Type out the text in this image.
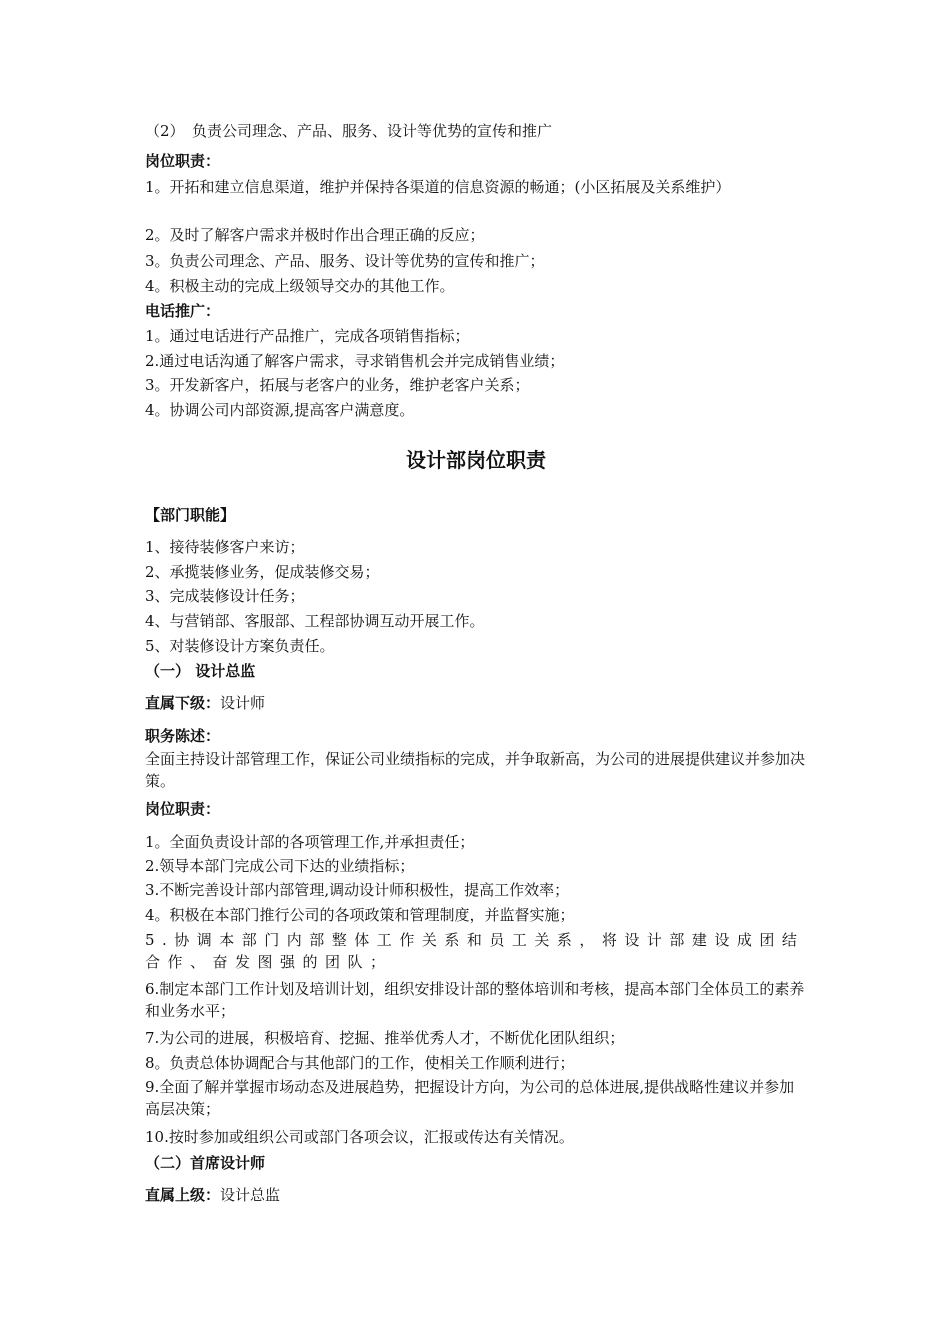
（2）　负责公司理念、产品、服务、设计等优势的宣传和推广
岗位职责：
1。开拓和建立信息渠道，维护并保持各渠道的信息资源的畅通；(小区拓展及关系维护）
2。及时了解客户需求并极时作出合理正确的反应；
3。负责公司理念、产品、服务、设计等优势的宣传和推广；
4。积极主动的完成上级领导交办的其他工作。
电话推广：
1。通过电话进行产品推广，完成各项销售指标；
2.通过电话沟通了解客户需求，寻求销售机会并完成销售业绩；
3。开发新客户，拓展与老客户的业务，维护老客户关系；
4。协调公司内部资源,提高客户满意度。
设计部岗位职责
【部门职能】
1、接待装修客户来访；
2、承揽装修业务，促成装修交易；
3、完成装修设计任务；
4、与营销部、客服部、工程部协调互动开展工作。
5、对装修设计方案负责任。
（一） 设计总监
直属下级：设计师
职务陈述：
全面主持设计部管理工作，保证公司业绩指标的完成，并争取新高，为公司的进展提供建议并参加决策。
岗位职责：
1。全面负责设计部的各项管理工作,并承担责任；
2.领导本部门完成公司下达的业绩指标；
3.不断完善设计部内部管理,调动设计师积极性，提高工作效率；
4。积极在本部门推行公司的各项政策和管理制度，并监督实施；
5.协调本部门内部整体工作关系和员工关系，将设计部建设成团结合作、奋发图强的团队；
6.制定本部门工作计划及培训计划，组织安排设计部的整体培训和考核，提高本部门全体员工的素养和业务水平；
7.为公司的进展，积极培育、挖掘、推举优秀人才，不断优化团队组织；
8。负责总体协调配合与其他部门的工作，使相关工作顺利进行；
9.全面了解并掌握市场动态及进展趋势，把握设计方向，为公司的总体进展,提供战略性建议并参加高层决策；
10.按时参加或组织公司或部门各项会议，汇报或传达有关情况。
（二）首席设计师
直属上级：设计总监
